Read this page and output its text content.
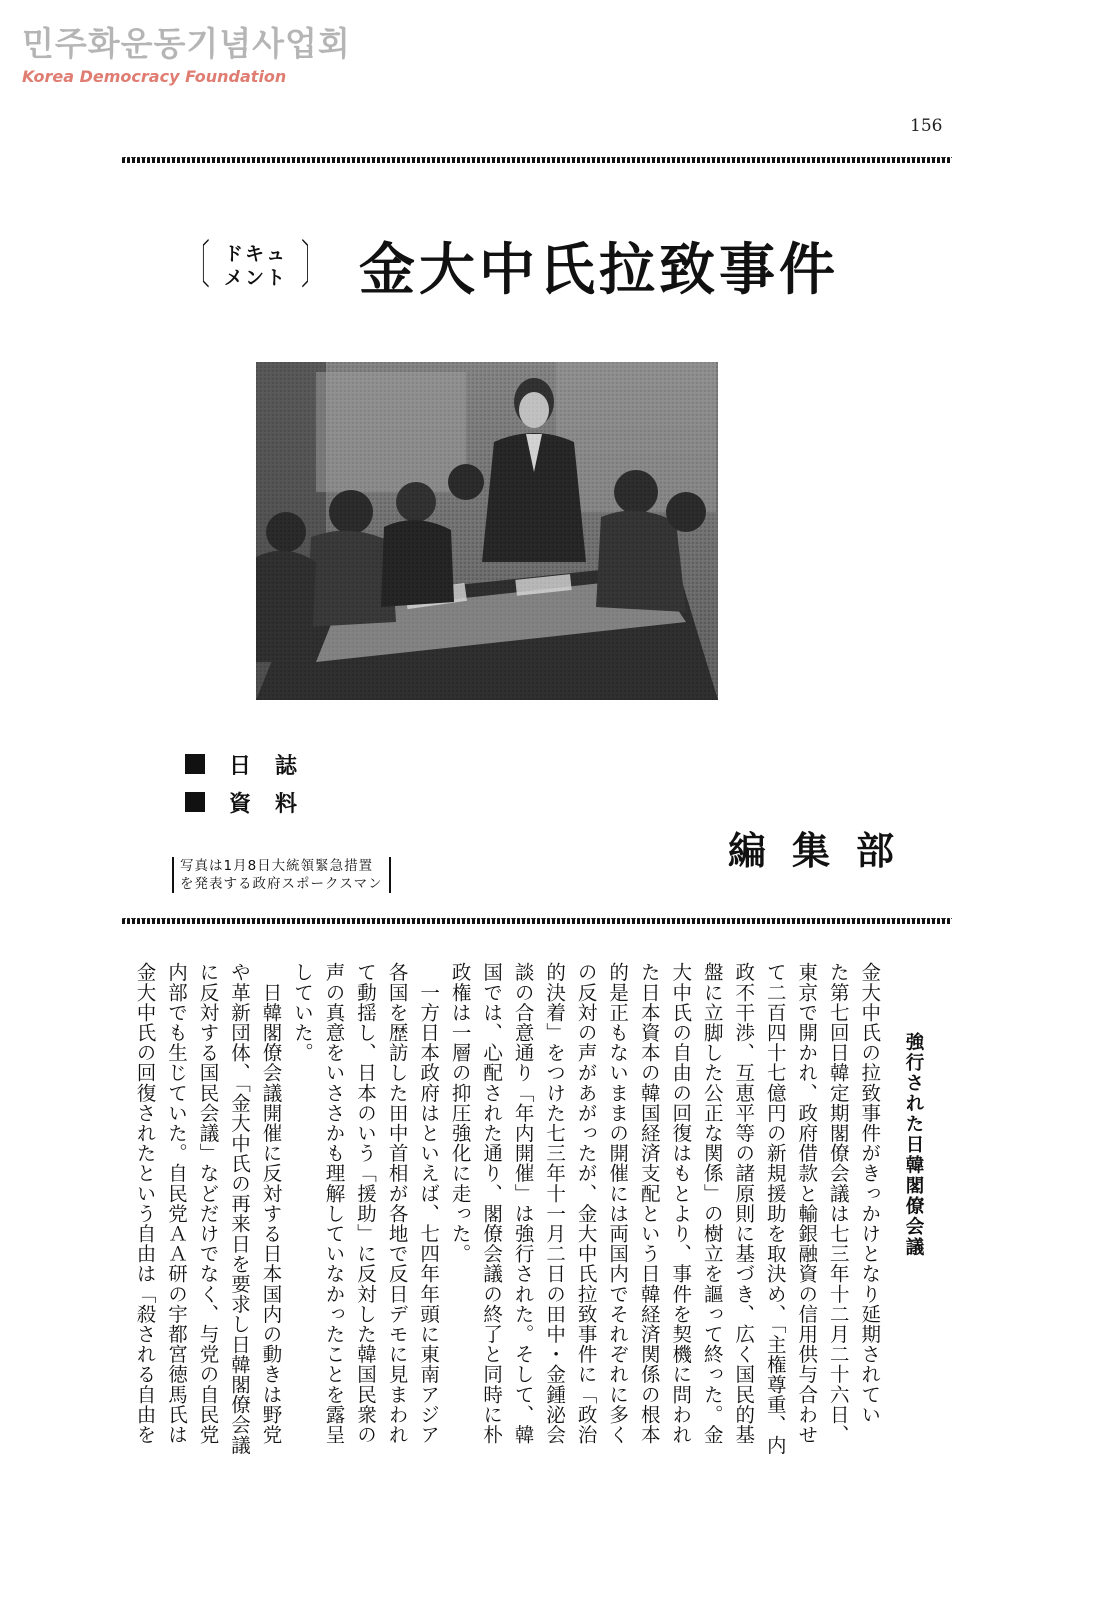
민주화운동기념사업회
Korea Democracy Foundation
156
〔 ドキュ
メント 〕 金大中氏拉致事件
日誌
資料
編集部
写真は1月8日大統領緊急措置
を発表する政府スポークスマン
強行された日韓閣僚会議
金大中氏の拉致事件がきっかけとなり延期されてい
た第七回日韓定期閣僚会議は七三年十二月二十六日、
東京で開かれ、政府借款と輸銀融資の信用供与合わせ
て二百四十七億円の新規援助を取決め、「主権尊重、内
政不干渉、互恵平等の諸原則に基づき、広く国民的基
盤に立脚した公正な関係」の樹立を謳って終った。金
大中氏の自由の回復はもとより、事件を契機に問われ
た日本資本の韓国経済支配という日韓経済関係の根本
的是正もないままの開催には両国内でそれぞれに多く
の反対の声があがったが、金大中氏拉致事件に「政治
的決着」をつけた七三年十一月二日の田中・金鍾泌会
談の合意通り「年内開催」は強行された。そして、韓
国では、心配された通り、閣僚会議の終了と同時に朴
政権は一層の抑圧強化に走った。
　一方日本政府はといえば、七四年年頭に東南アジア
各国を歴訪した田中首相が各地で反日デモに見まわれ
て動揺し、日本のいう「援助」に反対した韓国民衆の
声の真意をいささかも理解していなかったことを露呈
していた。
　日韓閣僚会議開催に反対する日本国内の動きは野党
や革新団体、「金大中氏の再来日を要求し日韓閣僚会議
に反対する国民会議」などだけでなく、与党の自民党
内部でも生じていた。自民党ＡＡ研の宇都宮徳馬氏は
金大中氏の回復されたという自由は「殺される自由を
